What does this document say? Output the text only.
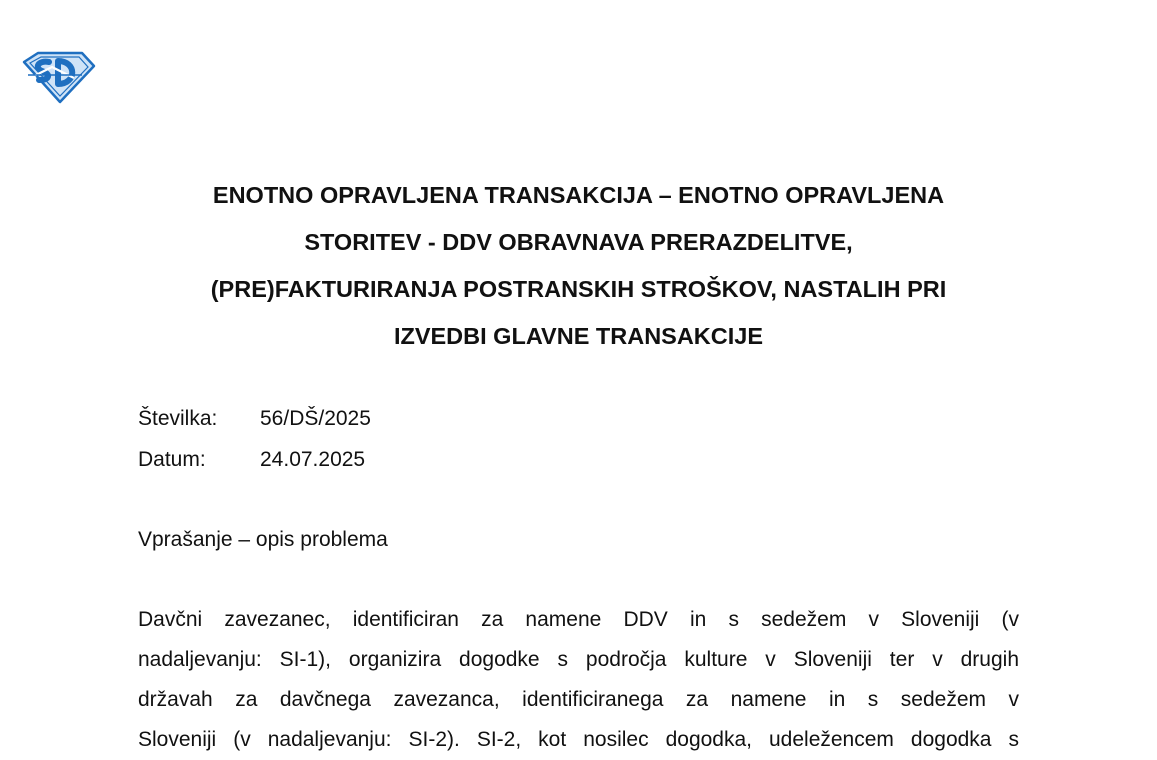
ENOTNO OPRAVLJENA TRANSAKCIJA – ENOTNO OPRAVLJENA
STORITEV - DDV OBRAVNAVA PRERAZDELITVE,
(PRE)FAKTURIRANJA POSTRANSKIH STROŠKOV, NASTALIH PRI
IZVEDBI GLAVNE TRANSAKCIJE
Številka: 56/DŠ/2025
Datum:	24.07.2025
Vprašanje – opis problema
Davčni zavezanec, identificiran za namene DDV in s sedežem v Sloveniji (v
nadaljevanju: SI-1), organizira dogodke s področja kulture v Sloveniji ter v drugih
državah za davčnega zavezanca, identificiranega za namene in s sedežem v
Sloveniji (v nadaljevanju: SI-2). SI-2, kot nosilec dogodka, udeležencem dogodka s
